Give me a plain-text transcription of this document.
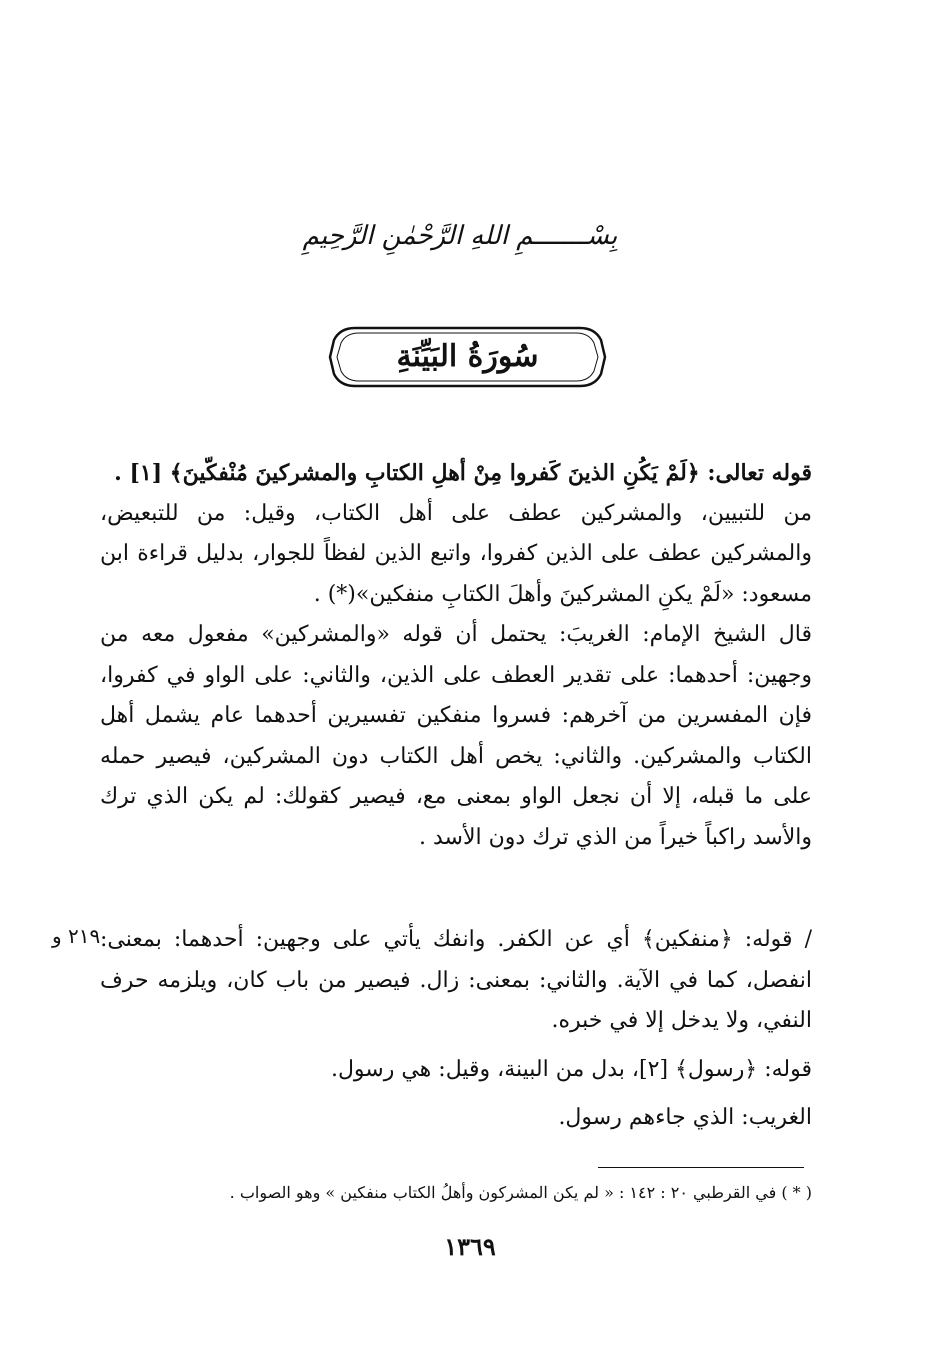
بِسْـــــــمِ اللهِ الرَّحْمٰنِ الرَّحِيمِ
سُورَةُ البَيِّنَةِ

قوله تعالى: ﴿لَمْ يَكُنِ الذينَ كَفروا مِنْ أهلِ الكتابِ والمشركينَ مُنْفكّينَ﴾ [١] .

من للتبيين، والمشركين عطف على أهل الكتاب، وقيل: من للتبعيض، والمشركين عطف على الذين كفروا، واتبع الذين لفظاً للجوار، بدليل قراءة ابن مسعود: «لَمْ يكنِ المشركينَ وأهلَ الكتابِ منفكين»(*) .

قال الشيخ الإمام: الغريبَ: يحتمل أن قوله «والمشركين» مفعول معه من وجهين: أحدهما: على تقدير العطف على الذين، والثاني: على الواو في كفروا، فإن المفسرين من آخرهم: فسروا منفكين تفسيرين أحدهما عام يشمل أهل الكتاب والمشركين. والثاني: يخص أهل الكتاب دون المشركين، فيصير حمله على ما قبله، إلا أن نجعل الواو بمعنى مع، فيصير كقولك: لم يكن الذي ترك والأسد راكباً خيراً من الذي ترك دون الأسد .

٢١٩ و / قوله: ﴿منفكين﴾ أي عن الكفر. وانفك يأتي على وجهين: أحدهما: بمعنى: انفصل، كما في الآية. والثاني: بمعنى: زال. فيصير من باب كان، ويلزمه حرف النفي، ولا يدخل إلا في خبره.

قوله: ﴿رسول﴾ [٢]، بدل من البينة، وقيل: هي رسول.

الغريب: الذي جاءهم رسول.

( * ) في القرطبي ٢٠ : ١٤٢ : « لم يكن المشركون وأهلُ الكتاب منفكين » وهو الصواب .
١٣٦٩
